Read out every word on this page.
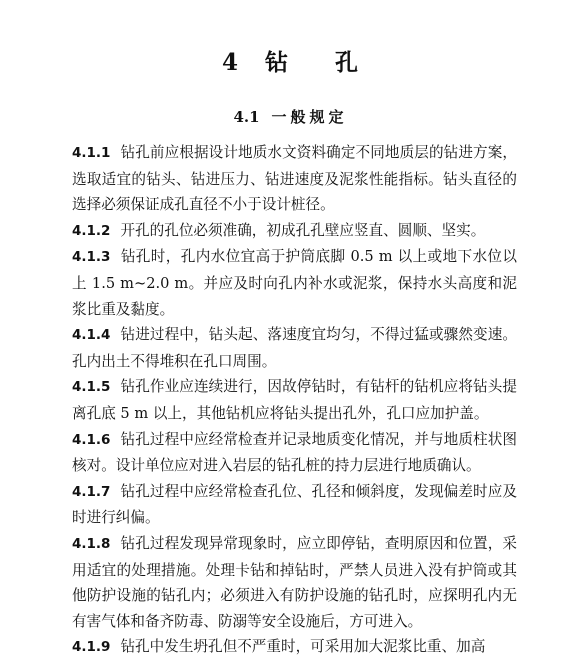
4 钻 孔
4.1 一般规定

4.1.1 钻孔前应根据设计地质水文资料确定不同地质层的钻进方案，选取适宜的钻头、钻进压力、钻进速度及泥浆性能指标。钻头直径的选择必须保证成孔直径不小于设计桩径。

4.1.2 开孔的孔位必须准确，初成孔孔壁应竖直、圆顺、坚实。

4.1.3 钻孔时，孔内水位宜高于护筒底脚 0.5 m 以上或地下水位以上 1.5 m~2.0 m。并应及时向孔内补水或泥浆，保持水头高度和泥浆比重及黏度。

4.1.4 钻进过程中，钻头起、落速度宜均匀，不得过猛或骤然变速。孔内出土不得堆积在孔口周围。

4.1.5 钻孔作业应连续进行，因故停钻时，有钻杆的钻机应将钻头提离孔底 5 m 以上，其他钻机应将钻头提出孔外，孔口应加护盖。

4.1.6 钻孔过程中应经常检查并记录地质变化情况，并与地质柱状图核对。设计单位应对进入岩层的钻孔桩的持力层进行地质确认。

4.1.7 钻孔过程中应经常检查孔位、孔径和倾斜度，发现偏差时应及时进行纠偏。

4.1.8 钻孔过程发现异常现象时，应立即停钻，查明原因和位置，采用适宜的处理措施。处理卡钻和掉钻时，严禁人员进入没有护筒或其他防护设施的钻孔内；必须进入有防护设施的钻孔时，应探明孔内无有害气体和备齐防毒、防溺等安全设施后，方可进入。

4.1.9 钻孔中发生坍孔但不严重时，可采用加大泥浆比重、加高
